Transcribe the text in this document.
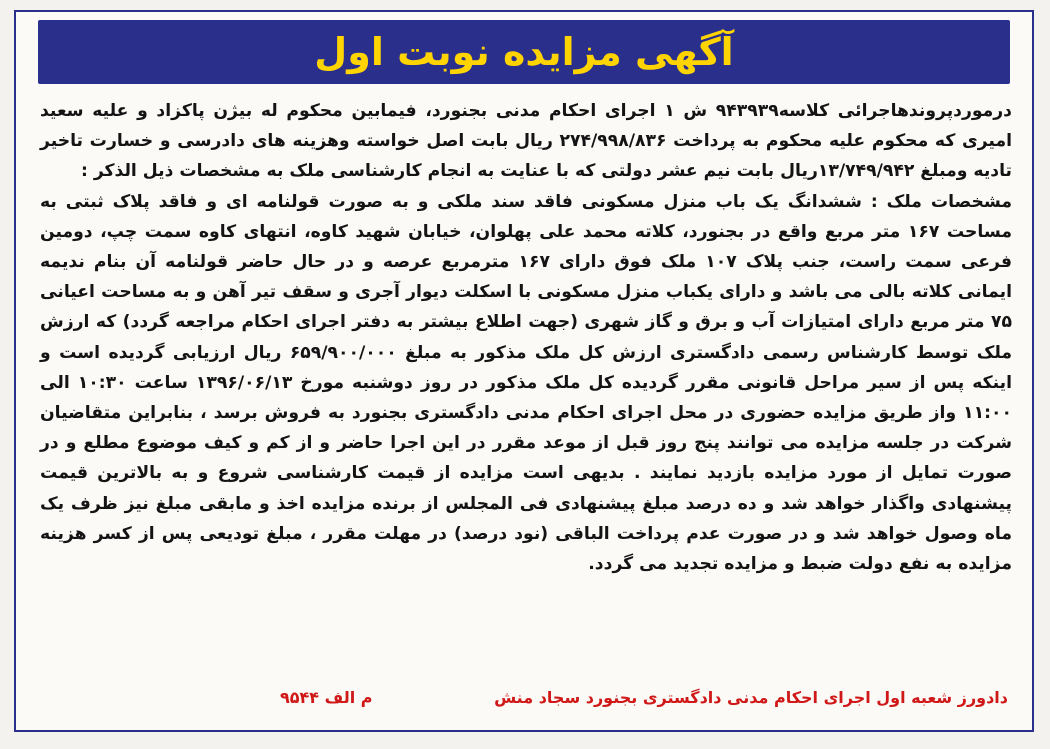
آگهی مزایده نوبت اول

درموردپروندهاجرائی کلاسه۹۴۳۹۳۹ ش ۱ اجرای احکام مدنی بجنورد، فیمابین محکوم له بیژن پاکزاد و علیه سعید امیری که محکوم علیه محکوم به پرداخت ۲۷۴/۹۹۸/۸۳۶ ریال بابت اصل خواسته وهزینه های دادرسی و خسارت تاخیر تادیه ومبلغ ۱۳/۷۴۹/۹۴۲ریال بابت نیم عشر دولتی که با عنایت به انجام کارشناسی ملک به مشخصات ذیل الذکر :

مشخصات ملک : ششدانگ یک باب منزل مسکونی فاقد سند ملکی و به صورت قولنامه ای و فاقد پلاک ثبتی به مساحت ۱۶۷ متر مربع واقع در بجنورد، کلاته محمد علی پهلوان، خیابان شهید کاوه، انتهای کاوه سمت چپ، دومین فرعی سمت راست، جنب پلاک ۱۰۷ ملک فوق دارای ۱۶۷ مترمربع عرصه و در حال حاضر قولنامه آن بنام ندیمه ایمانی کلاته بالی می باشد و دارای یکباب منزل مسکونی با اسکلت دیوار آجری و سقف تیر آهن و به مساحت اعیانی ۷۵ متر مربع دارای امتیازات آب و برق و گاز شهری (جهت اطلاع بیشتر به دفتر اجرای احکام مراجعه گردد) که ارزش ملک توسط کارشناس رسمی دادگستری ارزش کل ملک مذکور به مبلغ ۶۵۹/۹۰۰/۰۰۰ ریال ارزیابی گردیده است و اینکه پس از سیر مراحل قانونی مقرر گردیده کل ملک مذکور در روز دوشنبه مورخ ۱۳۹۶/۰۶/۱۳ ساعت ۱۰:۳۰ الی ۱۱:۰۰ واز طریق مزایده حضوری در محل اجرای احکام مدنی دادگستری بجنورد به فروش برسد ، بنابراین متقاضیان شرکت در جلسه مزایده می توانند پنج روز قبل از موعد مقرر در این اجرا حاضر و از کم و کیف موضوع مطلع و در صورت تمایل از مورد مزایده بازدید نمایند . بدیهی است مزایده از قیمت کارشناسی شروع و به بالاترین قیمت پیشنهادی واگذار خواهد شد و ده درصد مبلغ پیشنهادی فی المجلس از برنده مزایده اخذ و مابقی مبلغ نیز ظرف یک ماه وصول خواهد شد و در صورت عدم پرداخت الباقی (نود درصد) در مهلت مقرر ، مبلغ تودیعی پس از کسر هزینه مزایده به نفع دولت ضبط و مزایده تجدید می گردد.

دادورز شعبه اول اجرای احکام مدنی دادگستری بجنورد سجاد منش
م الف ۹۵۴۴
